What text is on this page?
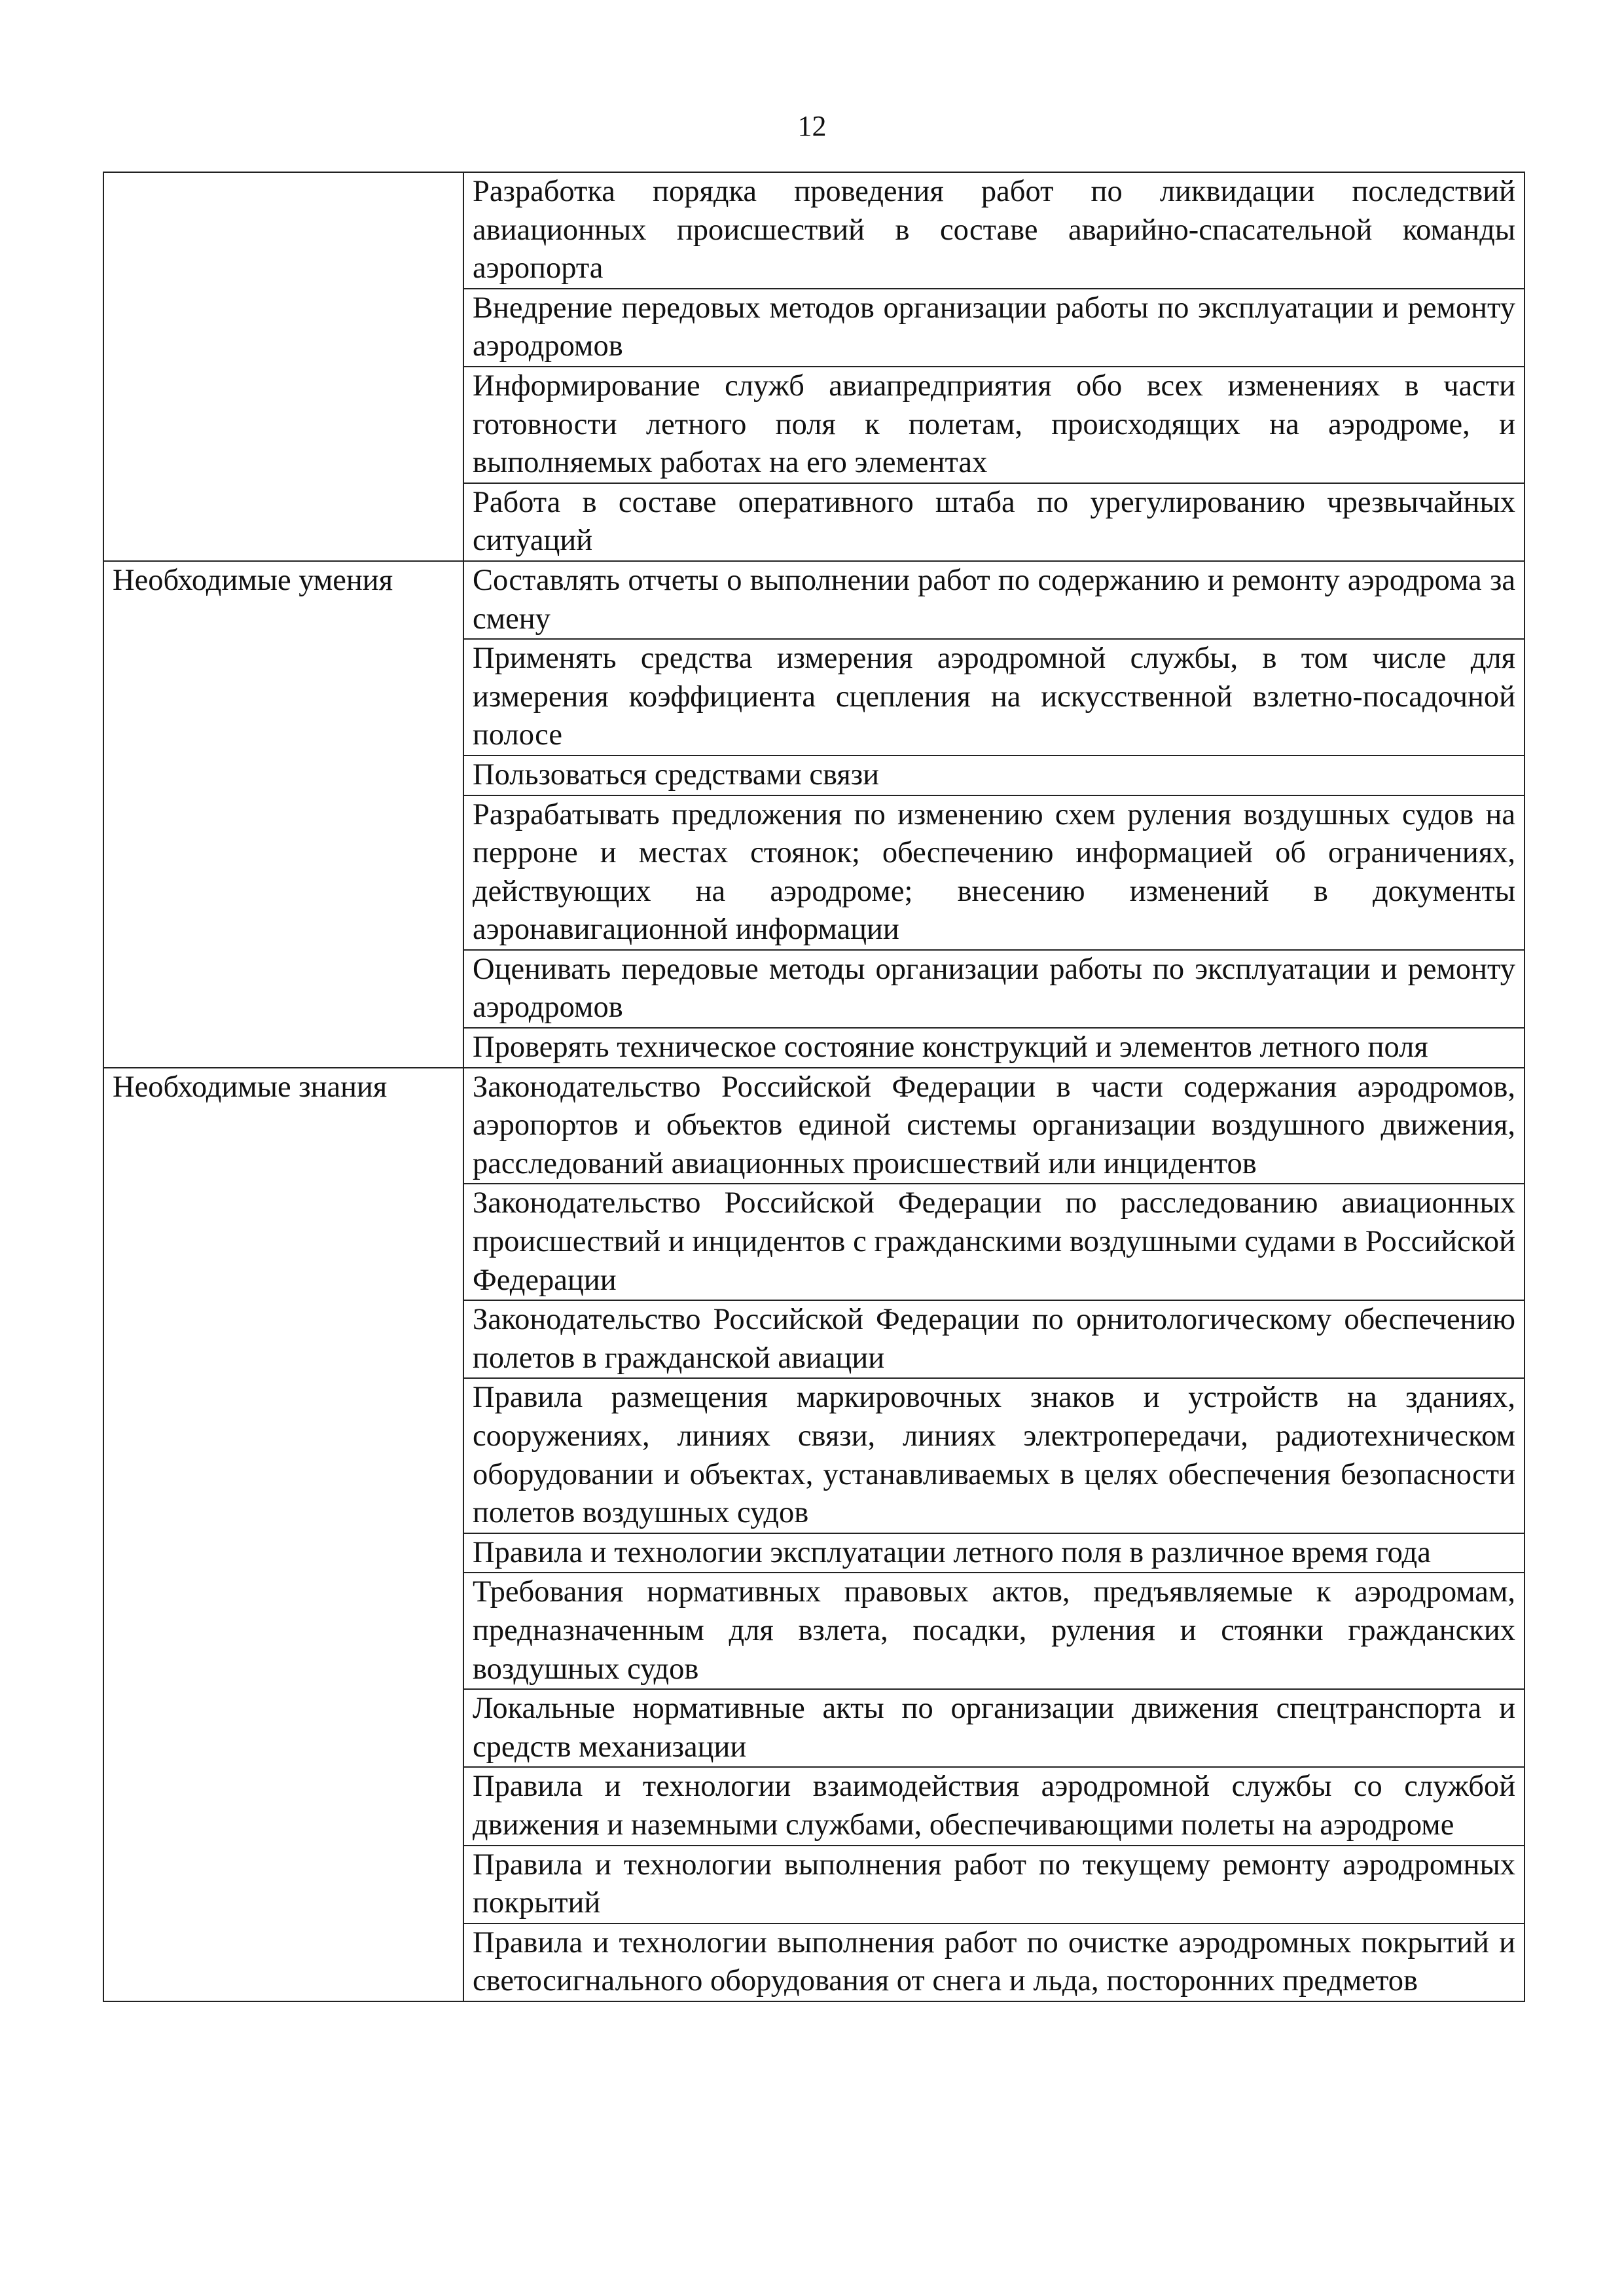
12
	Разработка порядка проведения работ по ликвидации последствий авиационных происшествий в составе аварийно-спасательной команды аэропорта
	Внедрение передовых методов организации работы по эксплуатации и ремонту аэродромов
	Информирование служб авиапредприятия обо всех изменениях в части готовности летного поля к полетам, происходящих на аэродроме, и выполняемых работах на его элементах
	Работа в составе оперативного штаба по урегулированию чрезвычайных ситуаций
Необходимые умения	Составлять отчеты о выполнении работ по содержанию и ремонту аэродрома за смену
	Применять средства измерения аэродромной службы, в том числе для измерения коэффициента сцепления на искусственной взлетно-посадочной полосе
	Пользоваться средствами связи
	Разрабатывать предложения по изменению схем руления воздушных судов на перроне и местах стоянок; обеспечению информацией об ограничениях, действующих на аэродроме; внесению изменений в документы аэронавигационной информации
	Оценивать передовые методы организации работы по эксплуатации и ремонту аэродромов
	Проверять техническое состояние конструкций и элементов летного поля
Необходимые знания	Законодательство Российской Федерации в части содержания аэродромов, аэропортов и объектов единой системы организации воздушного движения, расследований авиационных происшествий или инцидентов
	Законодательство Российской Федерации по расследованию авиационных происшествий и инцидентов с гражданскими воздушными судами в Российской Федерации
	Законодательство Российской Федерации по орнитологическому обеспечению полетов в гражданской авиации
	Правила размещения маркировочных знаков и устройств на зданиях, сооружениях, линиях связи, линиях электропередачи, радиотехническом оборудовании и объектах, устанавливаемых в целях обеспечения безопасности полетов воздушных судов
	Правила и технологии эксплуатации летного поля в различное время года
	Требования нормативных правовых актов, предъявляемые к аэродромам, предназначенным для взлета, посадки, руления и стоянки гражданских воздушных судов
	Локальные нормативные акты по организации движения спецтранспорта и средств механизации
	Правила и технологии взаимодействия аэродромной службы со службой движения и наземными службами, обеспечивающими полеты на аэродроме
	Правила и технологии выполнения работ по текущему ремонту аэродромных покрытий
	Правила и технологии выполнения работ по очистке аэродромных покрытий и светосигнального оборудования от снега и льда, посторонних предметов
